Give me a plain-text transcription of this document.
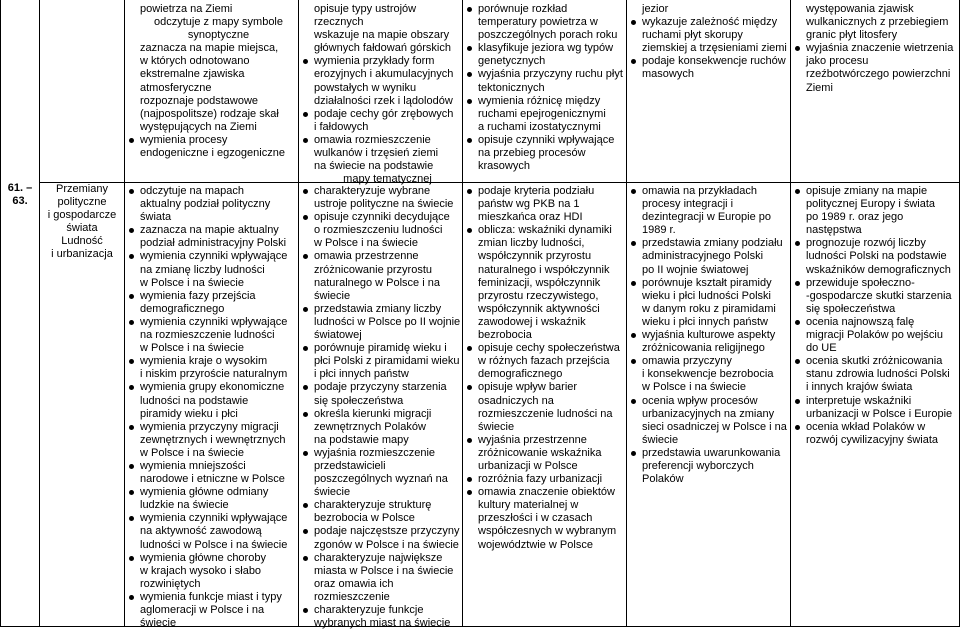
61. – 63.
Przemiany
polityczne
i gospodarcze
świata
Ludność
i urbanizacja
powietrza na Ziemi
odczytuje z mapy symbole
synoptyczne
zaznacza na mapie miejsca,
w których odnotowano
ekstremalne zjawiska
atmosferyczne
rozpoznaje podstawowe
(najpospolitsze) rodzaje skał
występujących na Ziemi
wymienia procesy
endogeniczne i egzogeniczne
opisuje typy ustrojów
rzecznych
wskazuje na mapie obszary
głównych fałdowań górskich
wymienia przykłady form
erozyjnych i akumulacyjnych
powstałych w wyniku
działalności rzek i lądolodów
podaje cechy gór zrębowych
i fałdowych
omawia rozmieszczenie
wulkanów i trzęsień ziemi
na świecie na podstawie
mapy tematycznej
porównuje rozkład
temperatury powietrza w
poszczególnych porach roku
klasyfikuje jeziora wg typów
genetycznych
wyjaśnia przyczyny ruchu płyt
tektonicznych
wymienia różnicę między
ruchami epejrogenicznymi
a ruchami izostatycznymi
opisuje czynniki wpływające
na przebieg procesów
krasowych
jezior
wykazuje zależność między
ruchami płyt skorupy
ziemskiej a trzęsieniami ziemi
podaje konsekwencje ruchów
masowych
występowania zjawisk
wulkanicznych z przebiegiem
granic płyt litosfery
wyjaśnia znaczenie wietrzenia
jako procesu
rzeźbotwórczego powierzchni
Ziemi
odczytuje na mapach
aktualny podział polityczny
świata
zaznacza na mapie aktualny
podział administracyjny Polski
wymienia czynniki wpływające
na zmianę liczby ludności
w Polsce i na świecie
wymienia fazy przejścia
demograficznego
wymienia czynniki wpływające
na rozmieszczenie ludności
w Polsce i na świecie
wymienia kraje o wysokim
i niskim przyroście naturalnym
wymienia grupy ekonomiczne
ludności na podstawie
piramidy wieku i płci
wymienia przyczyny migracji
zewnętrznych i wewnętrznych
w Polsce i na świecie
wymienia mniejszości
narodowe i etniczne w Polsce
wymienia główne odmiany
ludzkie na świecie
wymienia czynniki wpływające
na aktywność zawodową
ludności w Polsce i na świecie
wymienia główne choroby
w krajach wysoko i słabo
rozwiniętych
wymienia funkcje miast i typy
aglomeracji w Polsce i na
świecie
charakteryzuje wybrane
ustroje polityczne na świecie
opisuje czynniki decydujące
o rozmieszczeniu ludności
w Polsce i na świecie
omawia przestrzenne
zróżnicowanie przyrostu
naturalnego w Polsce i na
świecie
przedstawia zmiany liczby
ludności w Polsce po II wojnie
światowej
porównuje piramidę wieku i
płci Polski z piramidami wieku
i płci innych państw
podaje przyczyny starzenia
się społeczeństwa
określa kierunki migracji
zewnętrznych Polaków
na podstawie mapy
wyjaśnia rozmieszczenie
przedstawicieli
poszczególnych wyznań na
świecie
charakteryzuje strukturę
bezrobocia w Polsce
podaje najczęstsze przyczyny
zgonów w Polsce i na świecie
charakteryzuje największe
miasta w Polsce i na świecie
oraz omawia ich
rozmieszczenie
charakteryzuje funkcje
wybranych miast na świecie
podaje kryteria podziału
państw wg PKB na 1
mieszkańca oraz HDI
oblicza: wskaźniki dynamiki
zmian liczby ludności,
współczynnik przyrostu
naturalnego i współczynnik
feminizacji, współczynnik
przyrostu rzeczywistego,
współczynnik aktywności
zawodowej i wskaźnik
bezrobocia
opisuje cechy społeczeństwa
w różnych fazach przejścia
demograficznego
opisuje wpływ barier
osadniczych na
rozmieszczenie ludności na
świecie
wyjaśnia przestrzenne
zróżnicowanie wskaźnika
urbanizacji w Polsce
rozróżnia fazy urbanizacji
omawia znaczenie obiektów
kultury materialnej w
przeszłości i w czasach
współczesnych w wybranym
województwie w Polsce
omawia na przykładach
procesy integracji i
dezintegracji w Europie po
1989 r.
przedstawia zmiany podziału
administracyjnego Polski
po II wojnie światowej
porównuje kształt piramidy
wieku i płci ludności Polski
w danym roku z piramidami
wieku i płci innych państw
wyjaśnia kulturowe aspekty
zróżnicowania religijnego
omawia przyczyny
i konsekwencje bezrobocia
w Polsce i na świecie
ocenia wpływ procesów
urbanizacyjnych na zmiany
sieci osadniczej w Polsce i na
świecie
przedstawia uwarunkowania
preferencji wyborczych
Polaków
opisuje zmiany na mapie
politycznej Europy i świata
po 1989 r. oraz jego
następstwa
prognozuje rozwój liczby
ludności Polski na podstawie
wskaźników demograficznych
przewiduje społeczno-
-gospodarcze skutki starzenia
się społeczeństwa
ocenia najnowszą falę
migracji Polaków po wejściu
do UE
ocenia skutki zróżnicowania
stanu zdrowia ludności Polski
i innych krajów świata
interpretuje wskaźniki
urbanizacji w Polsce i Europie
ocenia wkład Polaków w
rozwój cywilizacyjny świata
